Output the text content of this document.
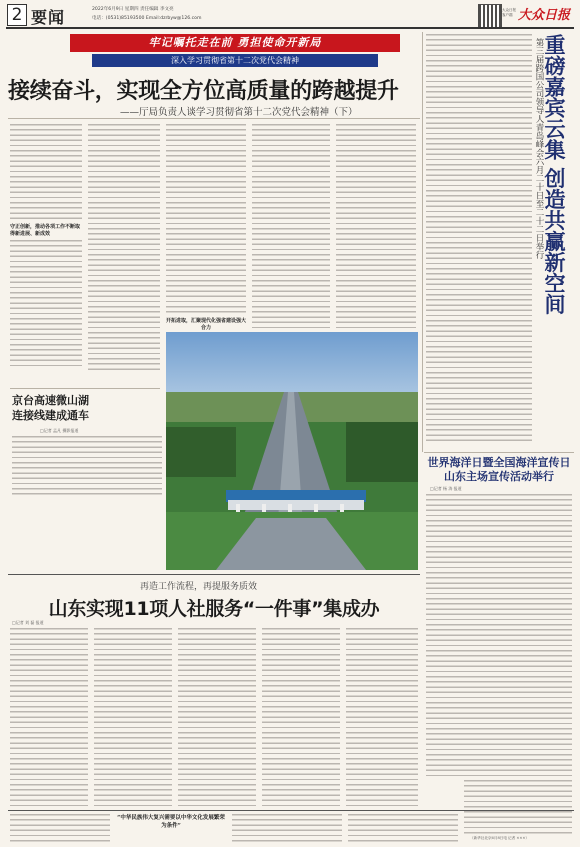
2 要闻	2022年6月9日 星期四 责任编辑 李文亮
电话：(0531)85193500 Email:dzrbyw@126.com
大众日报
客户端 大众日报
牢记嘱托走在前 勇担使命开新局
深入学习贯彻省第十二次党代会精神
接续奋斗，实现全方位高质量的跨越提升
——厅局负责人谈学习贯彻省第十二次党代会精神（下）
守正创新，推动各项工作不断取得新进展、新成效
开拓进取，汇聚现代化强省建设强大合力
重磅嘉宾云集 创造共赢新空间
第三届跨国公司领导人青岛峰会六月二十日至二十二日举行
京台高速微山湖
连接线建成通车
□记者 孟凡 摄影报道
世界海洋日暨全国海洋宣传日山东主场宣传活动举行
□记者 杨 涛 报道
再造工作流程，再提服务质效
山东实现11项人社服务“一件事”集成办
□记者 刘 磊 报道
“中华民族伟大复兴需要以中华文化发展繁荣为条件”
（新华社北京6月8日电 记者 ×××）
